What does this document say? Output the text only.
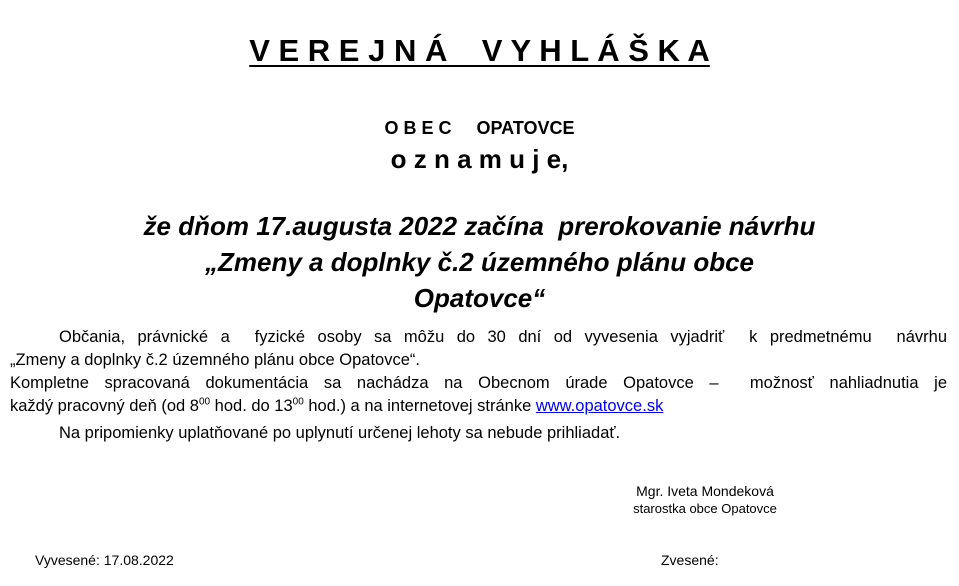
V E R E J N Á    V Y H L Á Š K A
O B E C     OPATOVCE
o z n a m u j e,
že dňom 17.augusta 2022 začína  prerokovanie návrhu
„Zmeny a doplnky č.2 územného plánu obce
Opatovce“
Občania, právnické a  fyzické osoby sa môžu do 30 dní od vyvesenia vyjadriť  k predmetnému  návrhu
„Zmeny a doplnky č.2 územného plánu obce Opatovce“.
Kompletne spracovaná dokumentácia sa nachádza na Obecnom úrade Opatovce –  možnosť nahliadnutia je
každý pracovný deň (od $8^{00}$ hod. do $13^{00}$ hod.) a na internetovej stránke www.opatovce.sk
Na pripomienky uplatňované po uplynutí určenej lehoty sa nebude prihliadať.
Mgr. Iveta Mondeková
starostka obce Opatovce
Vyvesené: 17.08.2022	Zvesené:
